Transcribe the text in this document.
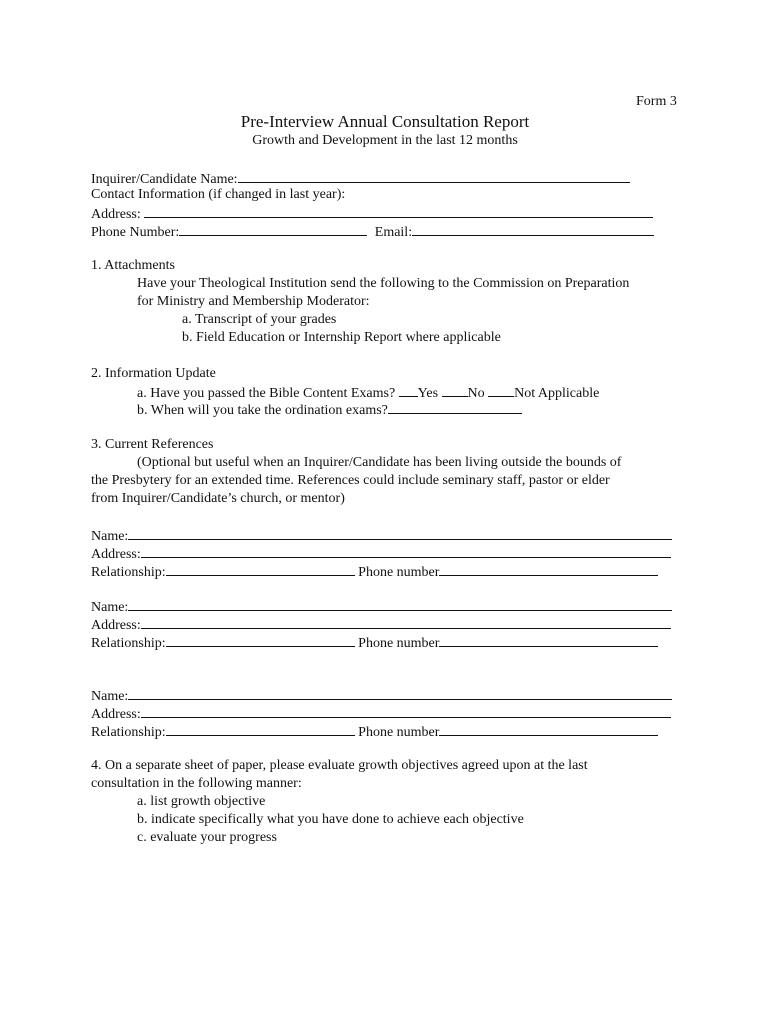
Form 3
Pre-Interview Annual Consultation Report
Growth and Development in the last 12 months
Inquirer/Candidate Name:
Contact Information (if changed in last year):
Address:
Phone Number:	Email:
1. Attachments
Have your Theological Institution send the following to the Commission on Preparation
for Ministry and Membership Moderator:
a. Transcript of your grades
b. Field Education or Internship Report where applicable
2. Information Update
a. Have you passed the Bible Content Exams? Yes No Not Applicable
b. When will you take the ordination exams?
3. Current References
(Optional but useful when an Inquirer/Candidate has been living outside the bounds of
the Presbytery for an extended time. References could include seminary staff, pastor or elder
from Inquirer/Candidate’s church, or mentor)
Name:
Address:
Relationship:	Phone number
Name:
Address:
Relationship:	Phone number
Name:
Address:
Relationship:	Phone number
4. On a separate sheet of paper, please evaluate growth objectives agreed upon at the last
consultation in the following manner:
a. list growth objective
b. indicate specifically what you have done to achieve each objective
c. evaluate your progress
